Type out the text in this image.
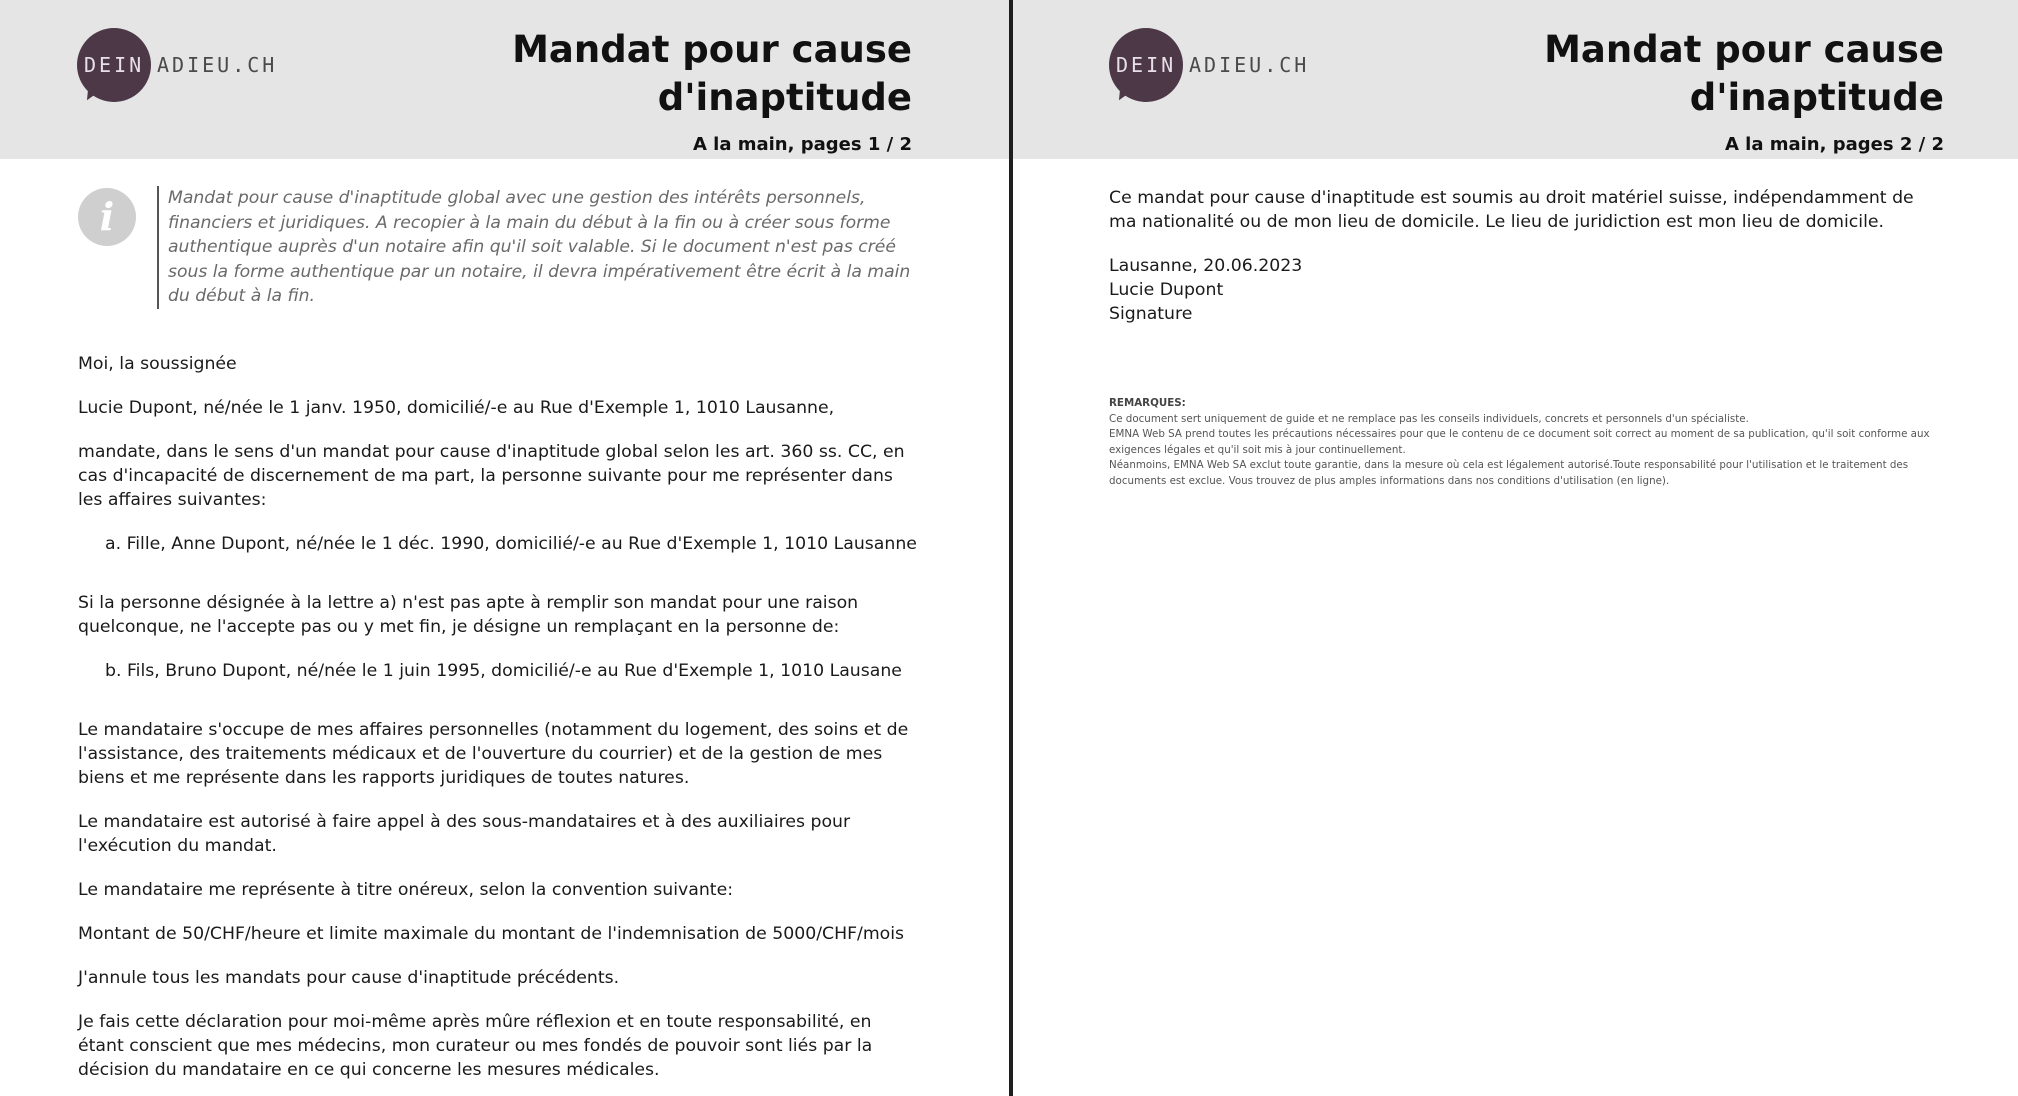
DEIN ADIEU.CH	Mandat pour cause
d'inaptitude
A la main, pages 1 / 2
i	Mandat pour cause d'inaptitude global avec une gestion des intérêts personnels, financiers et juridiques. A recopier à la main du début à la fin ou à créer sous forme authentique auprès d'un notaire afin qu'il soit valable. Si le document n'est pas créé sous la forme authentique par un notaire, il devra impérativement être écrit à la main du début à la fin.

Moi, la soussignée

Lucie Dupont, né/née le 1 janv. 1950, domicilié/-e au Rue d'Exemple 1, 1010 Lausanne,

mandate, dans le sens d'un mandat pour cause d'inaptitude global selon les art. 360 ss. CC, en cas d'incapacité de discernement de ma part, la personne suivante pour me représenter dans les affaires suivantes:

a. Fille, Anne Dupont, né/née le 1 déc. 1990, domicilié/-e au Rue d'Exemple 1, 1010 Lausanne

Si la personne désignée à la lettre a) n'est pas apte à remplir son mandat pour une raison quelconque, ne l'accepte pas ou y met fin, je désigne un remplaçant en la personne de:

b. Fils, Bruno Dupont, né/née le 1 juin 1995, domicilié/-e au Rue d'Exemple 1, 1010 Lausane

Le mandataire s'occupe de mes affaires personnelles (notamment du logement, des soins et de l'assistance, des traitements médicaux et de l'ouverture du courrier) et de la gestion de mes biens et me représente dans les rapports juridiques de toutes natures.

Le mandataire est autorisé à faire appel à des sous-mandataires et à des auxiliaires pour l'exécution du mandat.

Le mandataire me représente à titre onéreux, selon la convention suivante:

Montant de 50/CHF/heure et limite maximale du montant de l'indemnisation de 5000/CHF/mois

J'annule tous les mandats pour cause d'inaptitude précédents.

Je fais cette déclaration pour moi-même après mûre réflexion et en toute responsabilité, en étant conscient que mes médecins, mon curateur ou mes fondés de pouvoir sont liés par la décision du mandataire en ce qui concerne les mesures médicales.

DEIN ADIEU.CH	Mandat pour cause
d'inaptitude
A la main, pages 2 / 2

Ce mandat pour cause d'inaptitude est soumis au droit matériel suisse, indépendamment de ma nationalité ou de mon lieu de domicile. Le lieu de juridiction est mon lieu de domicile.

Lausanne, 20.06.2023

Lucie Dupont

Signature

REMARQUES:

Ce document sert uniquement de guide et ne remplace pas les conseils individuels, concrets et personnels d'un spécialiste.

EMNA Web SA prend toutes les précautions nécessaires pour que le contenu de ce document soit correct au moment de sa publication, qu'il soit conforme aux exigences légales et qu'il soit mis à jour continuellement.

Néanmoins, EMNA Web SA exclut toute garantie, dans la mesure où cela est légalement autorisé.Toute responsabilité pour l'utilisation et le traitement des documents est exclue. Vous trouvez de plus amples informations dans nos conditions d'utilisation (en ligne).
